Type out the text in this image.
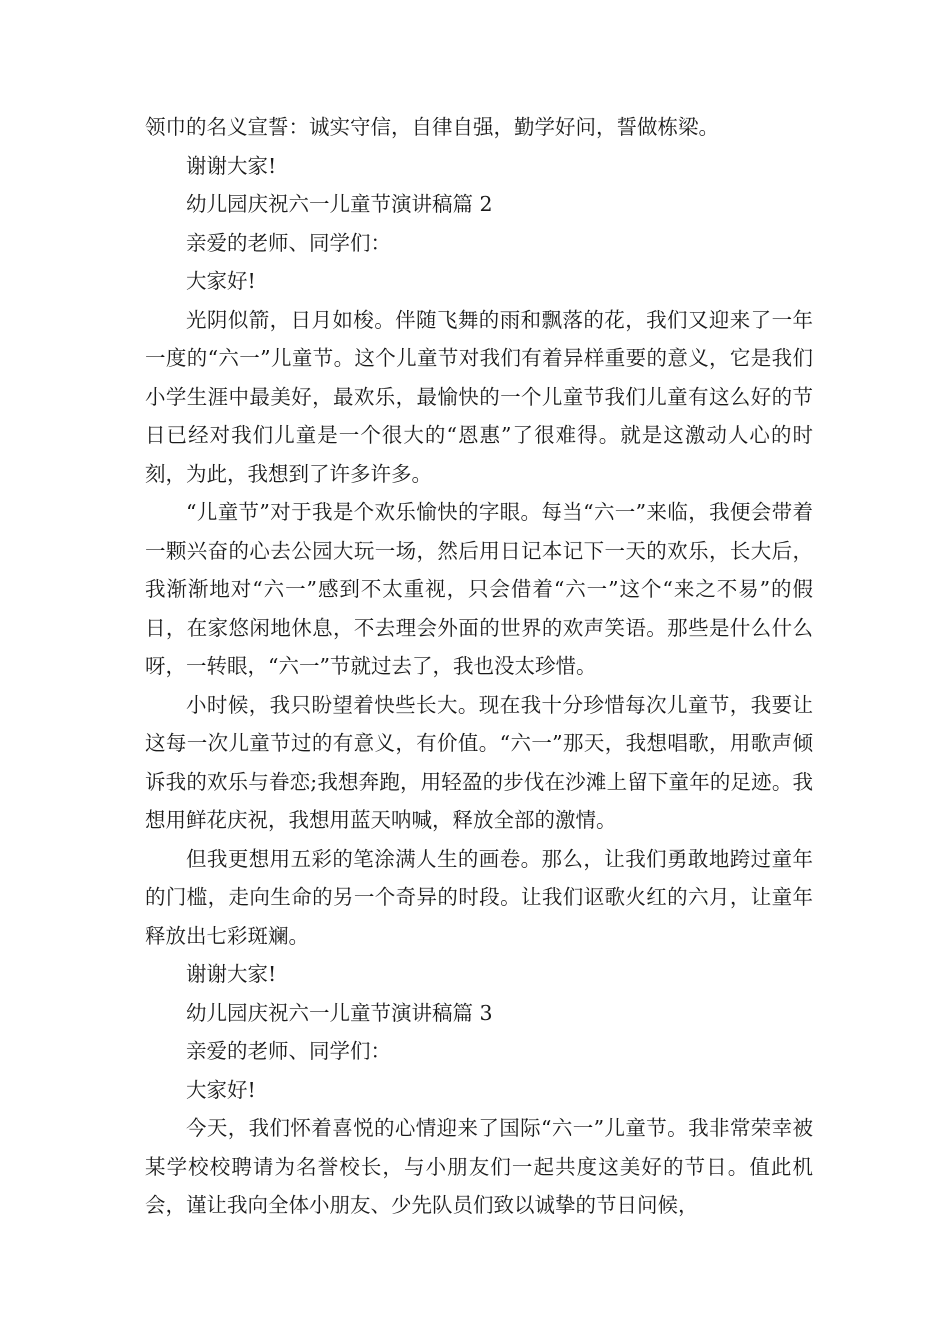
领巾的名义宣誓：诚实守信，自律自强，勤学好问，誓做栋梁。

谢谢大家!

幼儿园庆祝六一儿童节演讲稿篇 2

亲爱的老师、同学们：

大家好!

光阴似箭，日月如梭。伴随飞舞的雨和飘落的花，我们又迎来了一年一度的“六一”儿童节。这个儿童节对我们有着异样重要的意义，它是我们小学生涯中最美好，最欢乐，最愉快的一个儿童节我们儿童有这么好的节日已经对我们儿童是一个很大的“恩惠”了很难得。就是这激动人心的时刻，为此，我想到了许多许多。

“儿童节”对于我是个欢乐愉快的字眼。每当“六一”来临，我便会带着一颗兴奋的心去公园大玩一场，然后用日记本记下一天的欢乐，长大后，我渐渐地对“六一”感到不太重视，只会借着“六一”这个“来之不易”的假日，在家悠闲地休息，不去理会外面的世界的欢声笑语。那些是什么什么呀，一转眼，“六一”节就过去了，我也没太珍惜。

小时候，我只盼望着快些长大。现在我十分珍惜每次儿童节，我要让这每一次儿童节过的有意义，有价值。“六一”那天，我想唱歌，用歌声倾诉我的欢乐与眷恋;我想奔跑，用轻盈的步伐在沙滩上留下童年的足迹。我想用鲜花庆祝，我想用蓝天呐喊，释放全部的激情。

但我更想用五彩的笔涂满人生的画卷。那么，让我们勇敢地跨过童年的门槛，走向生命的另一个奇异的时段。让我们讴歌火红的六月，让童年释放出七彩斑斓。

谢谢大家!

幼儿园庆祝六一儿童节演讲稿篇 3

亲爱的老师、同学们：

大家好!

今天，我们怀着喜悦的心情迎来了国际“六一”儿童节。我非常荣幸被某学校校聘请为名誉校长，与小朋友们一起共度这美好的节日。值此机会，谨让我向全体小朋友、少先队员们致以诚挚的节日问候，
